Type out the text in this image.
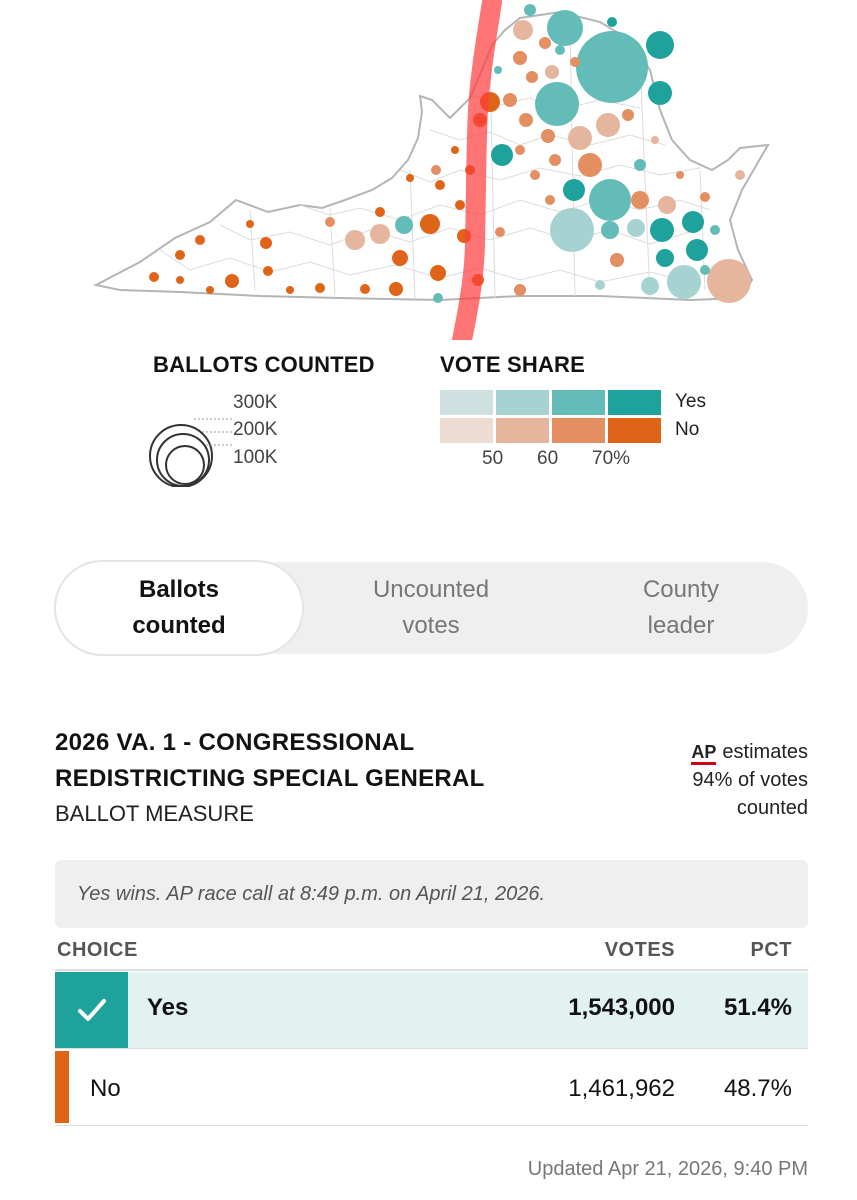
BALLOTS COUNTED
300K
200K
100K
VOTE SHARE
Yes
No
50 60 70%
Ballots
counted
Uncounted
votes
County
leader
2026 VA. 1 - CONGRESSIONAL
REDISTRICTING SPECIAL GENERAL
BALLOT MEASURE
AP estimates
94% of votes
counted
Yes wins. AP race call at 8:49 p.m. on April 21, 2026.
CHOICE	VOTES	PCT
Yes	1,543,000	51.4%
No	1,461,962	48.7%
Updated Apr 21, 2026, 9:40 PM
